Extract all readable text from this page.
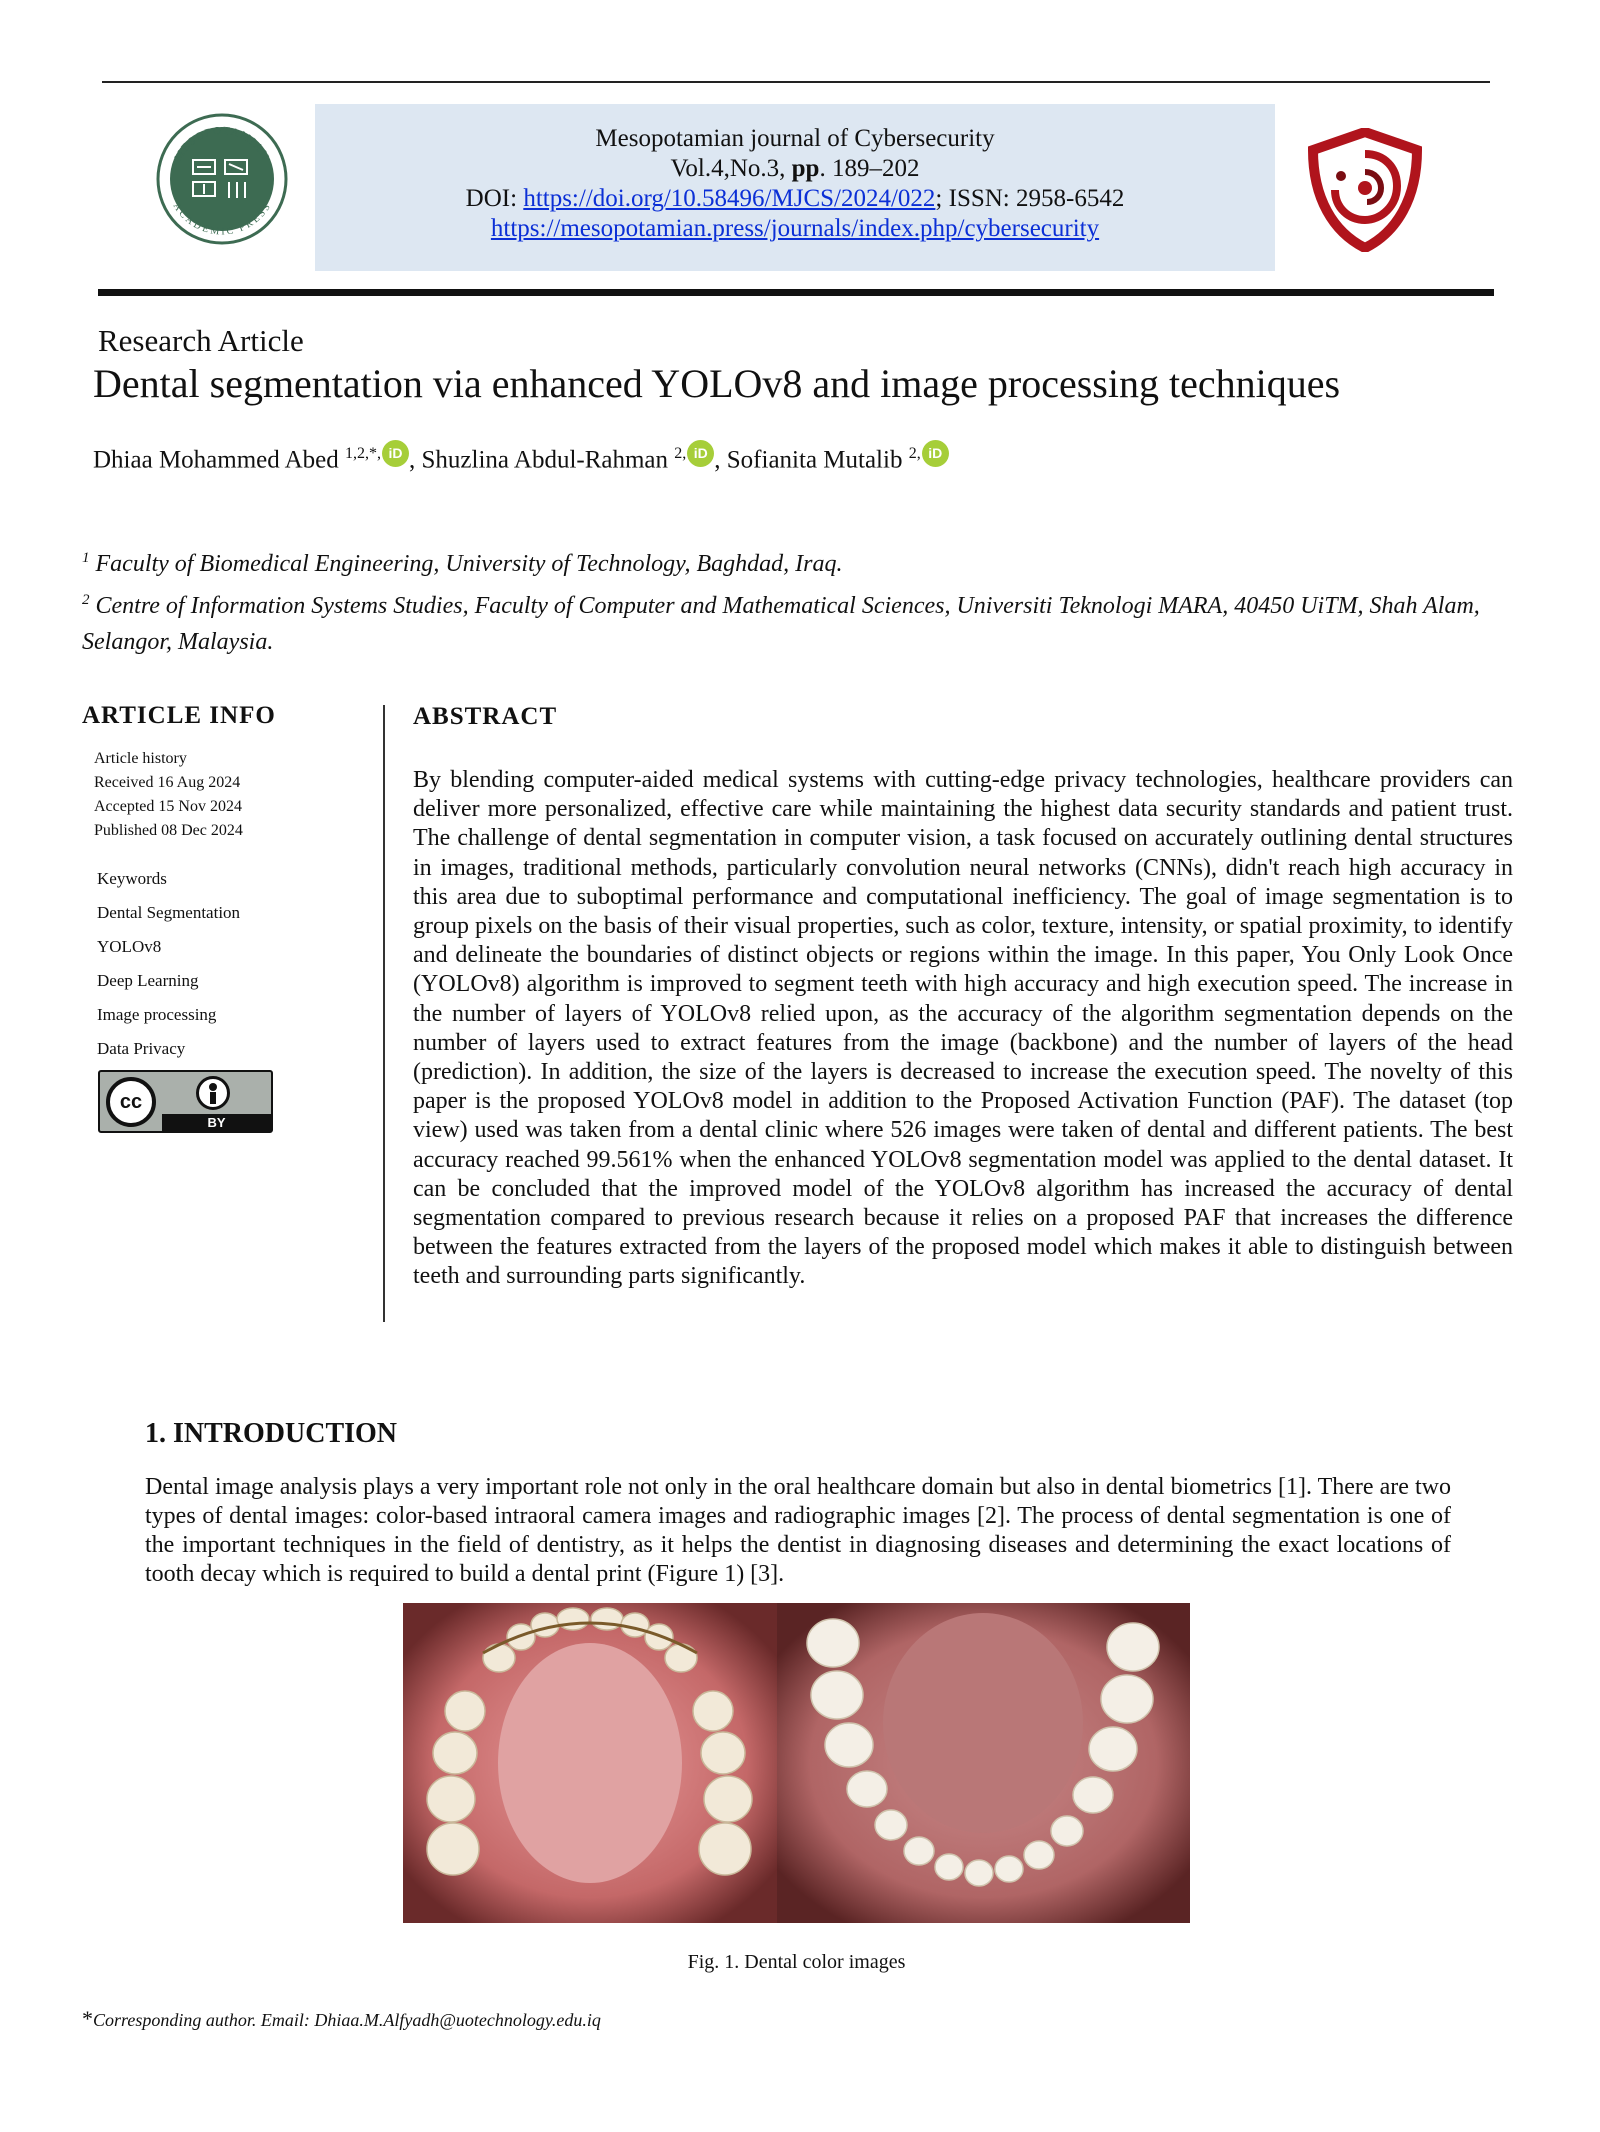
MESOPOTAMIAN
ACADEMIC PRESS
Mesopotamian journal of Cybersecurity
Vol.4,No.3, pp. 189–202
DOI: https://doi.org/10.58496/MJCS/2024/022; ISSN: 2958-6542
https://mesopotamian.press/journals/index.php/cybersecurity
Research Article
Dental segmentation via enhanced YOLOv8 and image processing techniques
Dhiaa Mohammed Abed $^{1,2,*,}$ iD , Shuzlina Abdul-Rahman $^{2,}$ iD , Sofianita Mutalib $^{2,}$ iD
$^1$ Faculty of Biomedical Engineering, University of Technology, Baghdad, Iraq.
$^2$ Centre of Information Systems Studies, Faculty of Computer and Mathematical Sciences, Universiti Teknologi MARA, 40450 UiTM, Shah Alam, Selangor, Malaysia.
ARTICLE INFO
Article history
Received 16 Aug 2024
Accepted 15 Nov 2024
Published 08 Dec 2024
Keywords
Dental Segmentation
YOLOv8
Deep Learning
Image processing
Data Privacy
cc
BY
ABSTRACT
By blending computer-aided medical systems with cutting-edge privacy technologies, healthcare providers can deliver more personalized, effective care while maintaining the highest data security standards and patient trust. The challenge of dental segmentation in computer vision, a task focused on accurately outlining dental structures in images, traditional methods, particularly convolution neural networks (CNNs), didn't reach high accuracy in this area due to suboptimal performance and computational inefficiency. The goal of image segmentation is to group pixels on the basis of their visual properties, such as color, texture, intensity, or spatial proximity, to identify and delineate the boundaries of distinct objects or regions within the image. In this paper, You Only Look Once (YOLOv8) algorithm is improved to segment teeth with high accuracy and high execution speed. The increase in the number of layers of YOLOv8 relied upon, as the accuracy of the algorithm segmentation depends on the number of layers used to extract features from the image (backbone) and the number of layers of the head (prediction). In addition, the size of the layers is decreased to increase the execution speed. The novelty of this paper is the proposed YOLOv8 model in addition to the Proposed Activation Function (PAF). The dataset (top view) used was taken from a dental clinic where 526 images were taken of dental and different patients. The best accuracy reached 99.561% when the enhanced YOLOv8 segmentation model was applied to the dental dataset. It can be concluded that the improved model of the YOLOv8 algorithm has increased the accuracy of dental segmentation compared to previous research because it relies on a proposed PAF that increases the difference between the features extracted from the layers of the proposed model which makes it able to distinguish between teeth and surrounding parts significantly.
1. INTRODUCTION
Dental image analysis plays a very important role not only in the oral healthcare domain but also in dental biometrics [1]. There are two types of dental images: color-based intraoral camera images and radiographic images [2]. The process of dental segmentation is one of the important techniques in the field of dentistry, as it helps the dentist in diagnosing diseases and determining the exact locations of tooth decay which is required to build a dental print (Figure 1) [3].
Fig. 1. Dental color images
*Corresponding author. Email: Dhiaa.M.Alfyadh@uotechnology.edu.iq
